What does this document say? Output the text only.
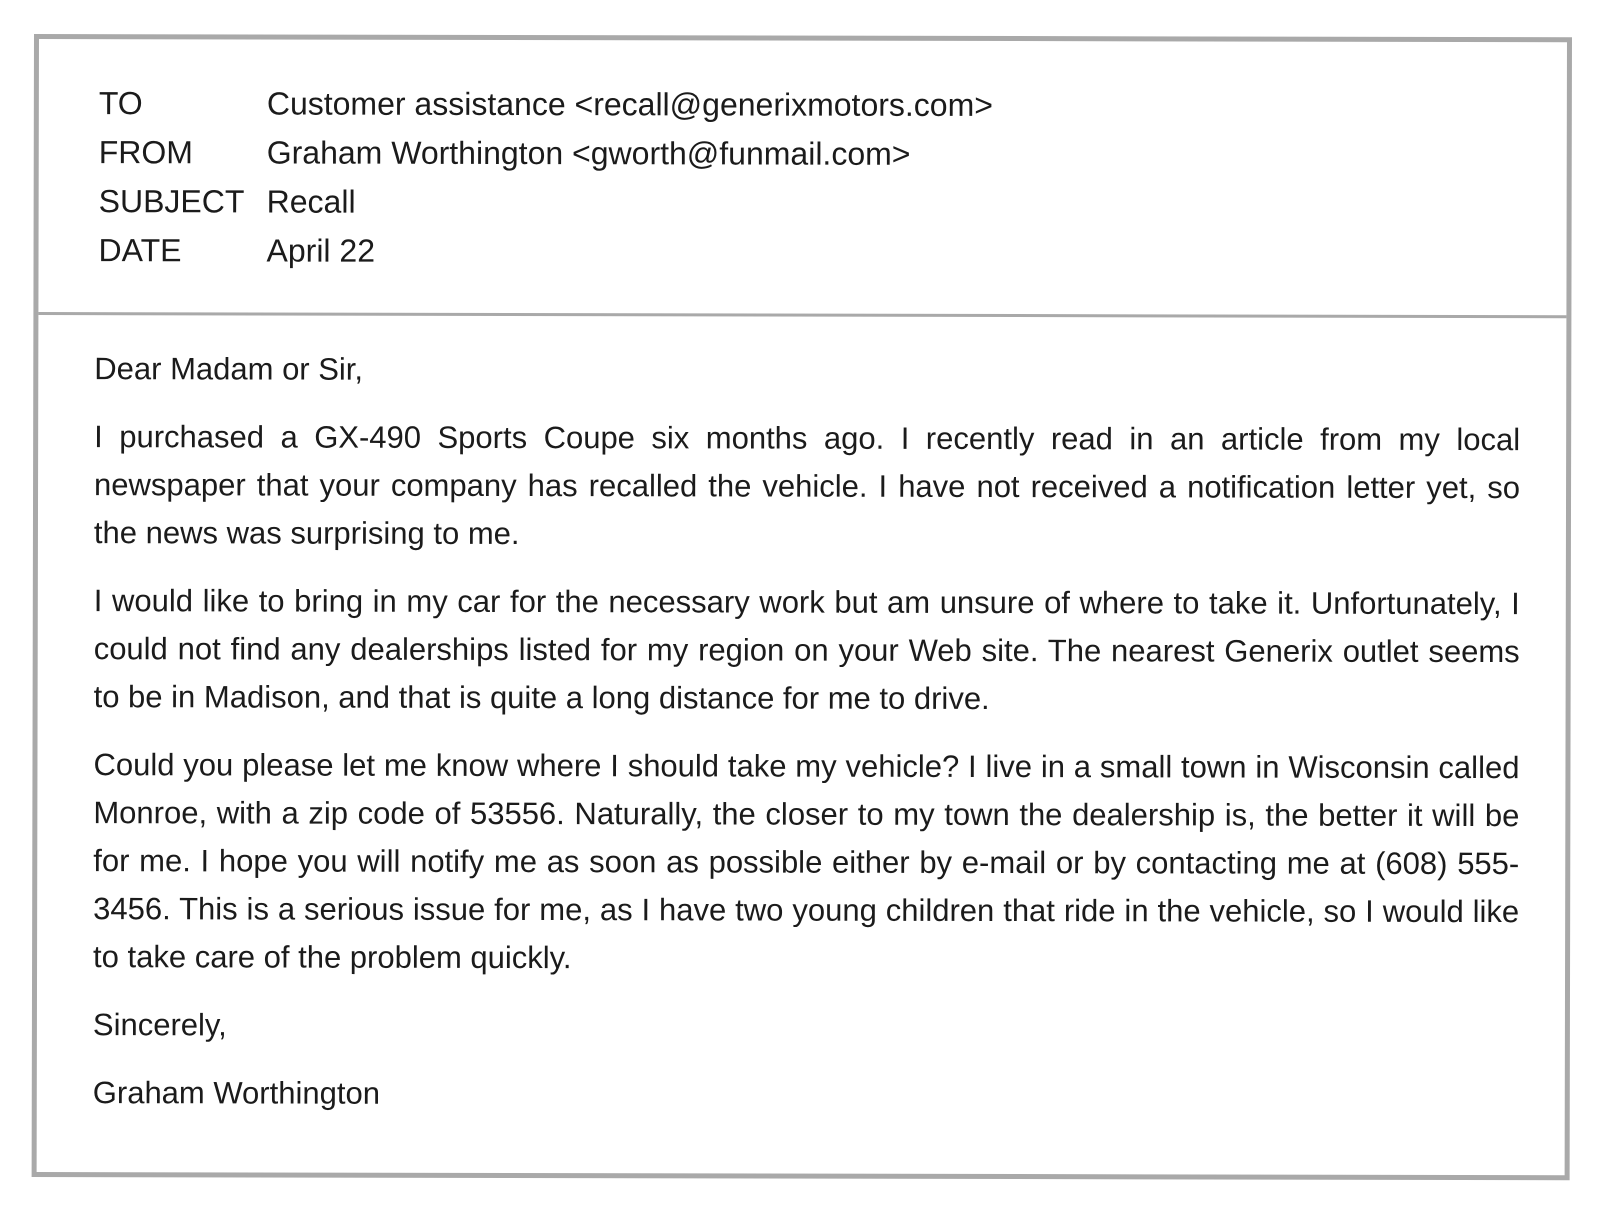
TO	Customer assistance <recall@generixmotors.com>
FROM	Graham Worthington <gworth@funmail.com>
SUBJECT Recall
DATE	April 22

Dear Madam or Sir,

I purchased a GX-490 Sports Coupe six months ago. I recently read in an article from my local newspaper that your company has recalled the vehicle. I have not received a notification letter yet, so the news was surprising to me.

I would like to bring in my car for the necessary work but am unsure of where to take it. Unfortunately, I could not find any dealerships listed for my region on your Web site. The nearest Generix outlet seems to be in Madison, and that is quite a long distance for me to drive.

Could you please let me know where I should take my vehicle? I live in a small town in Wisconsin called Monroe, with a zip code of 53556. Naturally, the closer to my town the dealership is, the better it will be for me. I hope you will notify me as soon as possible either by e-mail or by contacting me at (608) 555-3456. This is a serious issue for me, as I have two young children that ride in the vehicle, so I would like to take care of the problem quickly.

Sincerely,

Graham Worthington
